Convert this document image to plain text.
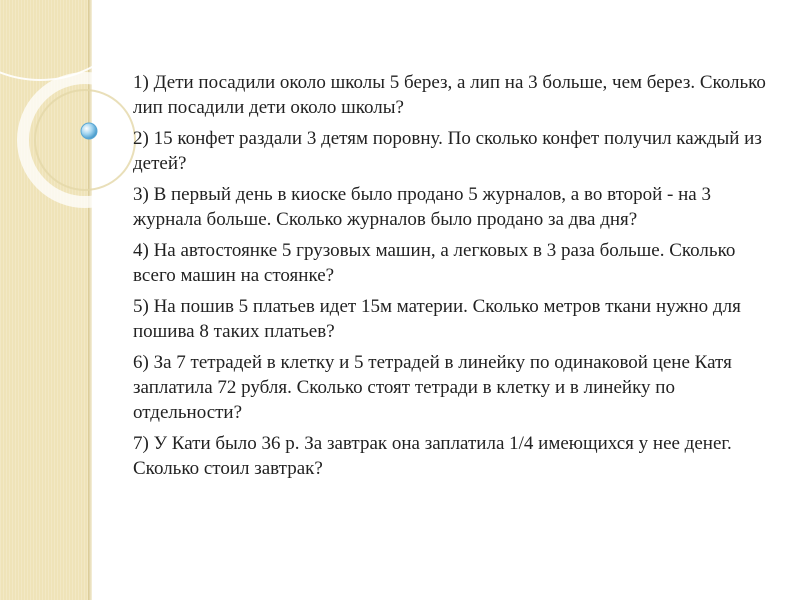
1) Дети посадили около школы 5 берез, а лип на 3 больше, чем берез. Сколько лип посадили дети около школы?
2) 15 конфет раздали 3 детям поровну. По сколько конфет получил каждый из детей?
3) В первый день в киоске было продано 5 журналов, а во второй - на 3 журнала больше. Сколько журналов было продано за два дня?
4) На автостоянке 5 грузовых машин, а легковых в 3 раза больше. Сколько всего машин на стоянке?
5) На пошив 5 платьев идет 15м материи. Сколько метров ткани нужно для пошива 8 таких платьев?
6) За 7 тетрадей в клетку и 5 тетрадей в линейку по одинаковой цене Катя заплатила 72 рубля. Сколько стоят тетради в клетку и в линейку по отдельности?
7) У Кати было 36 р. За завтрак она заплатила 1/4 имеющихся у нее денег. Сколько стоил завтрак?
